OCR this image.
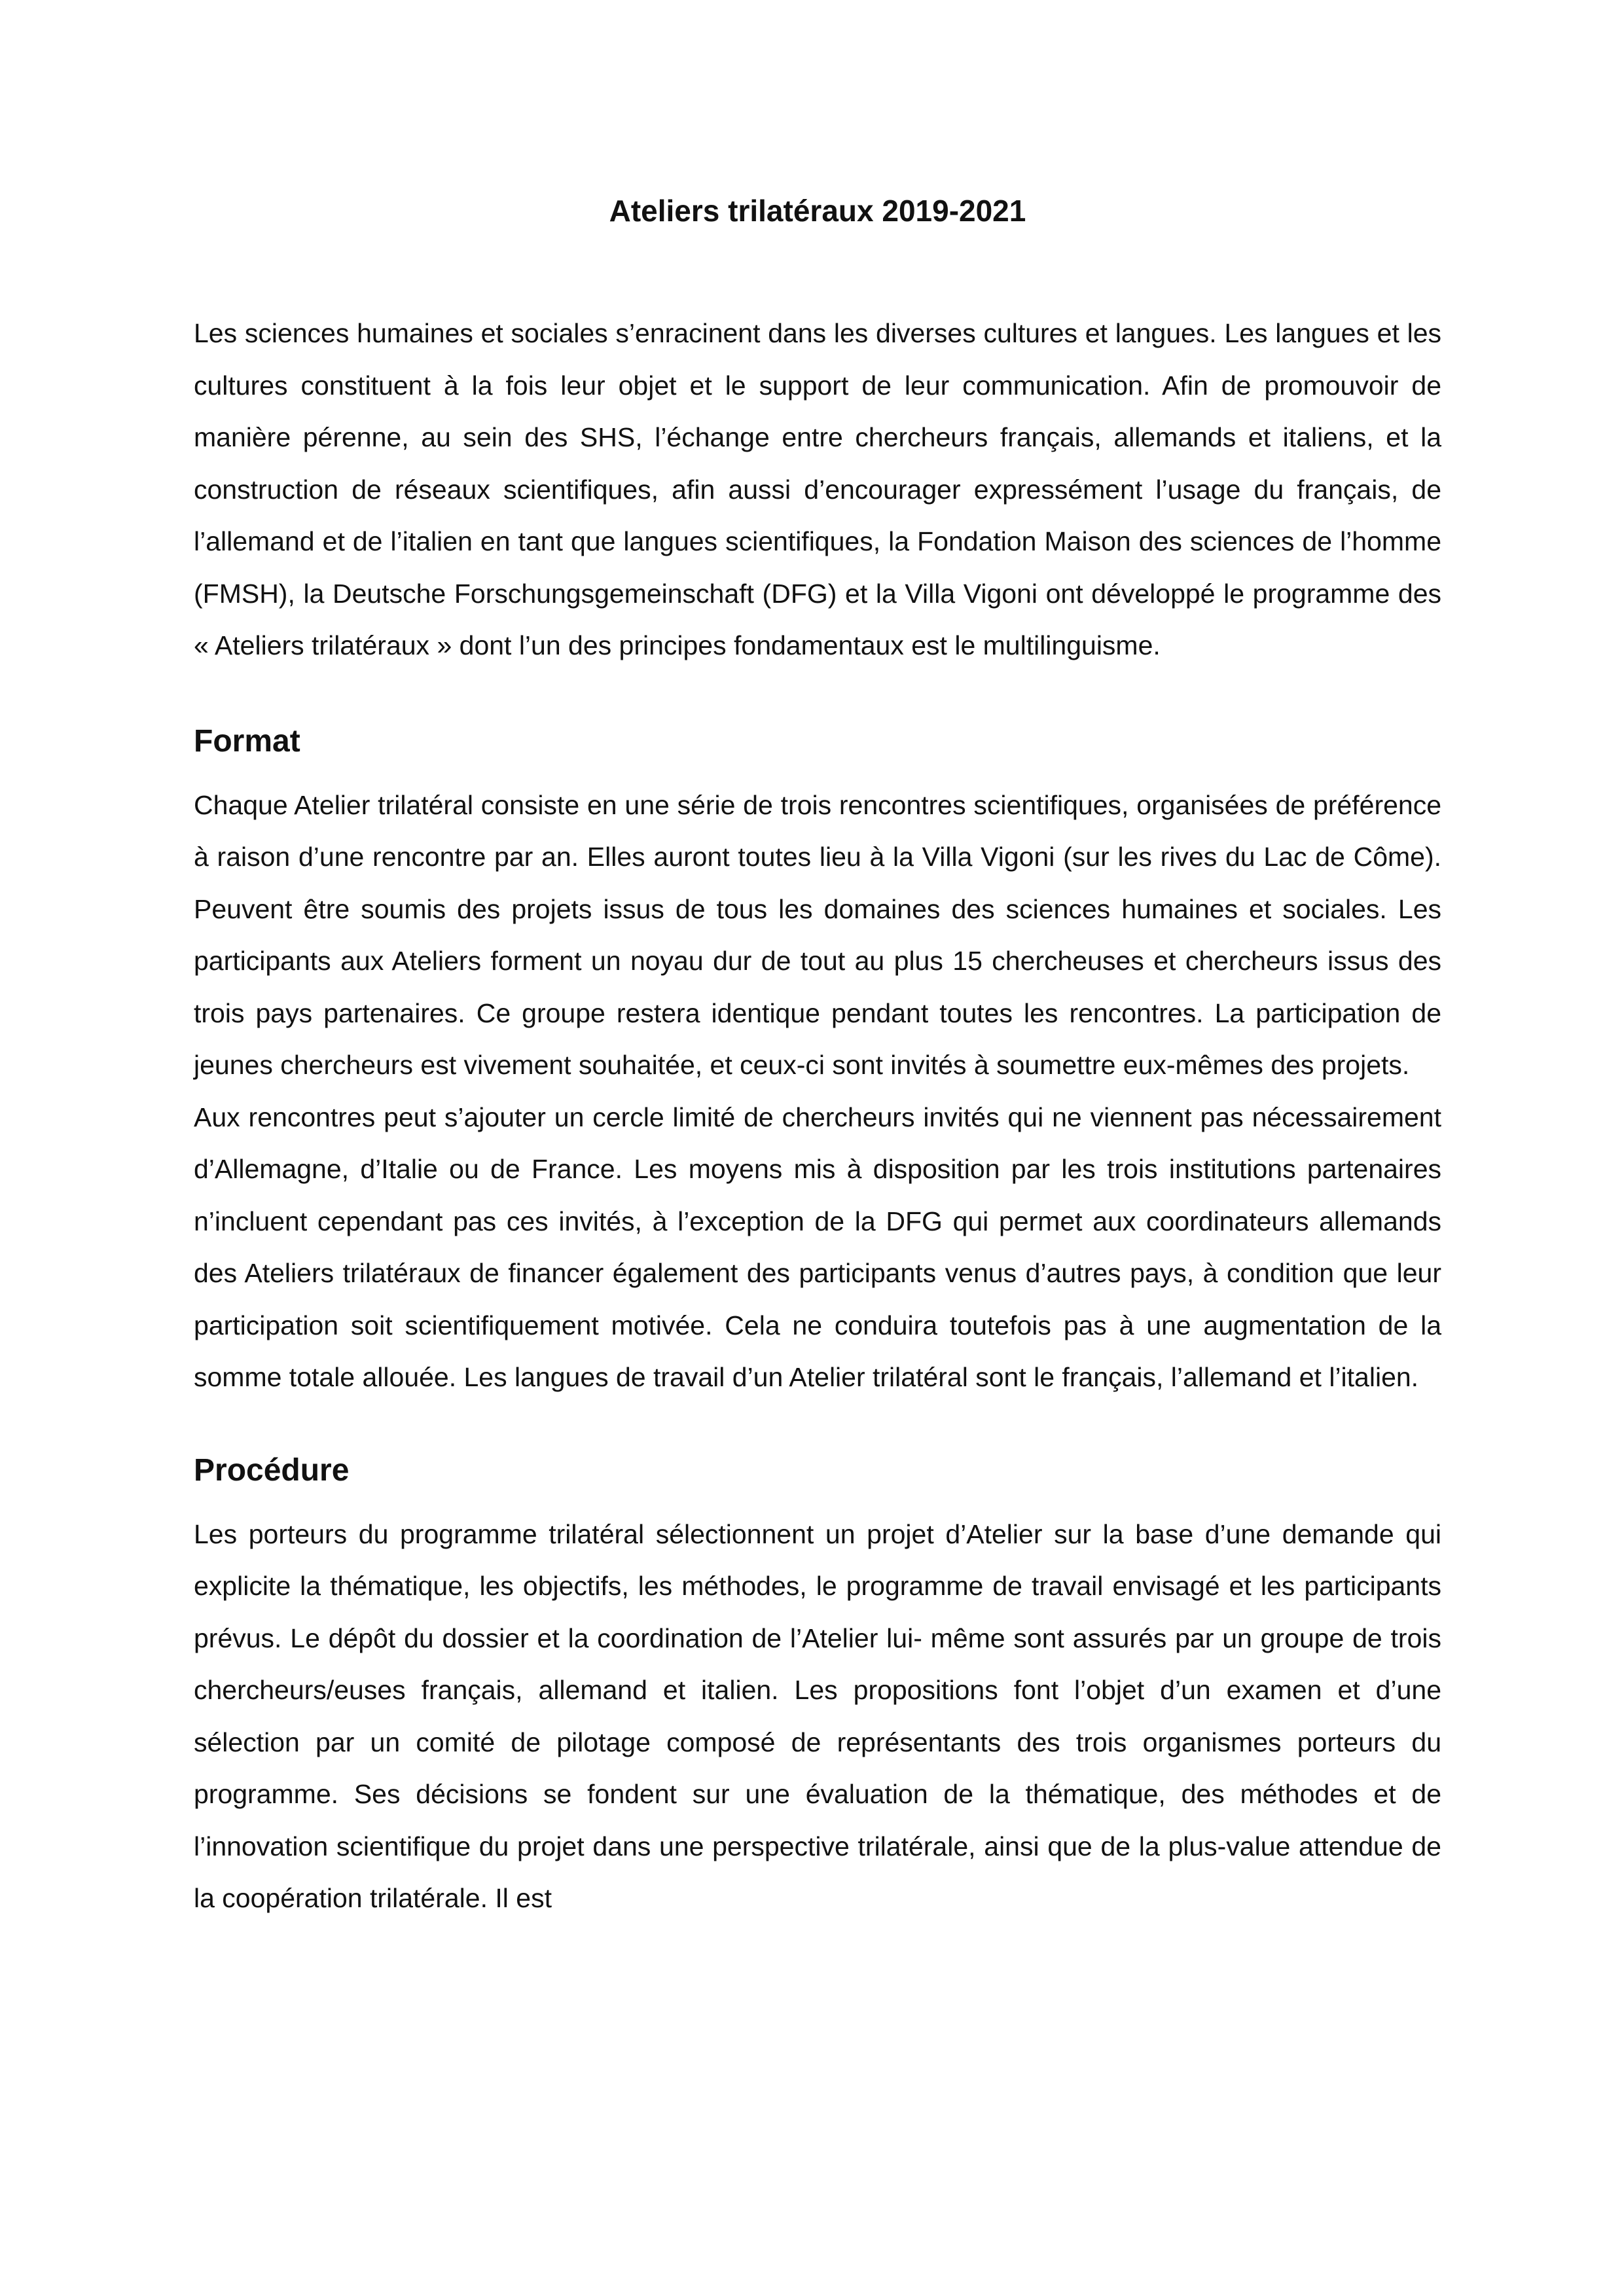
Ateliers trilatéraux 2019-2021

Les sciences humaines et sociales s’enracinent dans les diverses cultures et langues. Les langues et les cultures constituent à la fois leur objet et le support de leur communication. Afin de promouvoir de manière pérenne, au sein des SHS, l’échange entre chercheurs français, allemands et italiens, et la construction de réseaux scientifiques, afin aussi d’encourager expressément l’usage du français, de l’allemand et de l’italien en tant que langues scientifiques, la Fondation Maison des sciences de l’homme (FMSH), la Deutsche Forschungsgemeinschaft (DFG) et la Villa Vigoni ont développé le programme des « Ateliers trilatéraux » dont l’un des principes fondamentaux est le multilinguisme.

Format

Chaque Atelier trilatéral consiste en une série de trois rencontres scientifiques, organisées de préférence à raison d’une rencontre par an. Elles auront toutes lieu à la Villa Vigoni (sur les rives du Lac de Côme). Peuvent être soumis des projets issus de tous les domaines des sciences humaines et sociales. Les participants aux Ateliers forment un noyau dur de tout au plus 15 chercheuses et chercheurs issus des trois pays partenaires. Ce groupe restera identique pendant toutes les rencontres. La participation de jeunes chercheurs est vivement souhaitée, et ceux-ci sont invités à soumettre eux-mêmes des projets.

Aux rencontres peut s’ajouter un cercle limité de chercheurs invités qui ne viennent pas nécessairement d’Allemagne, d’Italie ou de France. Les moyens mis à disposition par les trois institutions partenaires n’incluent cependant pas ces invités, à l’exception de la DFG qui permet aux coordinateurs allemands des Ateliers trilatéraux de financer également des participants venus d’autres pays, à condition que leur participation soit scientifiquement motivée. Cela ne conduira toutefois pas à une augmentation de la somme totale allouée. Les langues de travail d’un Atelier trilatéral sont le français, l’allemand et l’italien.

Procédure

Les porteurs du programme trilatéral sélectionnent un projet d’Atelier sur la base d’une demande qui explicite la thématique, les objectifs, les méthodes, le programme de travail envisagé et les participants prévus. Le dépôt du dossier et la coordination de l’Atelier lui- même sont assurés par un groupe de trois chercheurs/euses français, allemand et italien. Les propositions font l’objet d’un examen et d’une sélection par un comité de pilotage composé de représentants des trois organismes porteurs du programme. Ses décisions se fondent sur une évaluation de la thématique, des méthodes et de l’innovation scientifique du projet dans une perspective trilatérale, ainsi que de la plus-value attendue de la coopération trilatérale. Il est
